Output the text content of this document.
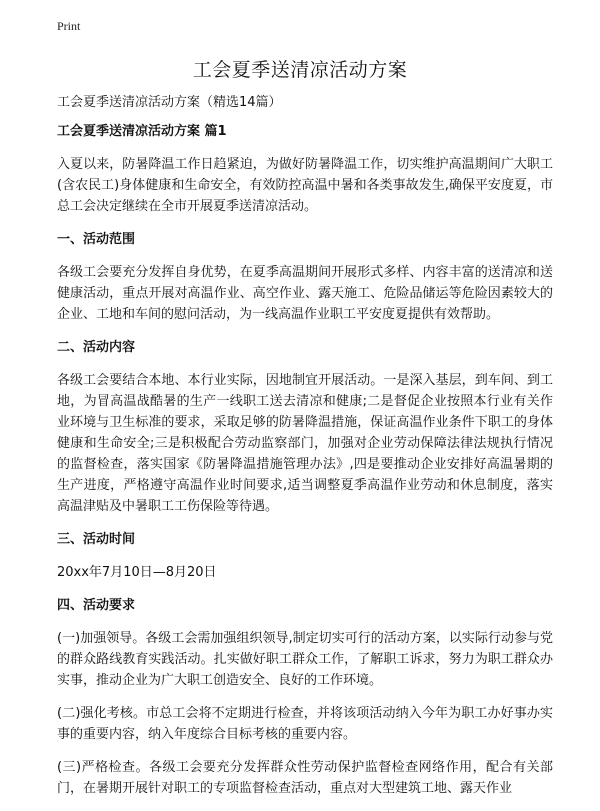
Print
工会夏季送清凉活动方案

工会夏季送清凉活动方案（精选14篇）

工会夏季送清凉活动方案 篇1

入夏以来，防暑降温工作日趋紧迫，为做好防暑降温工作，切实维护高温期间广大职工(含农民工)身体健康和生命安全，有效防控高温中暑和各类事故发生,确保平安度夏，市总工会决定继续在全市开展夏季送清凉活动。

一、活动范围

各级工会要充分发挥自身优势，在夏季高温期间开展形式多样、内容丰富的送清凉和送健康活动，重点开展对高温作业、高空作业、露天施工、危险品储运等危险因素较大的企业、工地和车间的慰问活动，为一线高温作业职工平安度夏提供有效帮助。

二、活动内容

各级工会要结合本地、本行业实际，因地制宜开展活动。一是深入基层，到车间、到工地，为冒高温战酷暑的生产一线职工送去清凉和健康;二是督促企业按照本行业有关作业环境与卫生标准的要求，采取足够的防暑降温措施，保证高温作业条件下职工的身体健康和生命安全;三是积极配合劳动监察部门，加强对企业劳动保障法律法规执行情况的监督检查，落实国家《防暑降温措施管理办法》,四是要推动企业安排好高温暑期的生产进度，严格遵守高温作业时间要求,适当调整夏季高温作业劳动和休息制度，落实高温津贴及中暑职工工伤保险等待遇。

三、活动时间

20xx年7月10日—8月20日

四、活动要求

(一)加强领导。各级工会需加强组织领导,制定切实可行的活动方案，以实际行动参与党的群众路线教育实践活动。扎实做好职工群众工作，了解职工诉求，努力为职工群众办实事，推动企业为广大职工创造安全、良好的工作环境。

(二)强化考核。市总工会将不定期进行检查，并将该项活动纳入今年为职工办好事办实事的重要内容，纳入年度综合目标考核的重要内容。

(三)严格检查。各级工会要充分发挥群众性劳动保护监督检查网络作用，配合有关部门，在暑期开展针对职工的专项监督检查活动，重点对大型建筑工地、露天作业
